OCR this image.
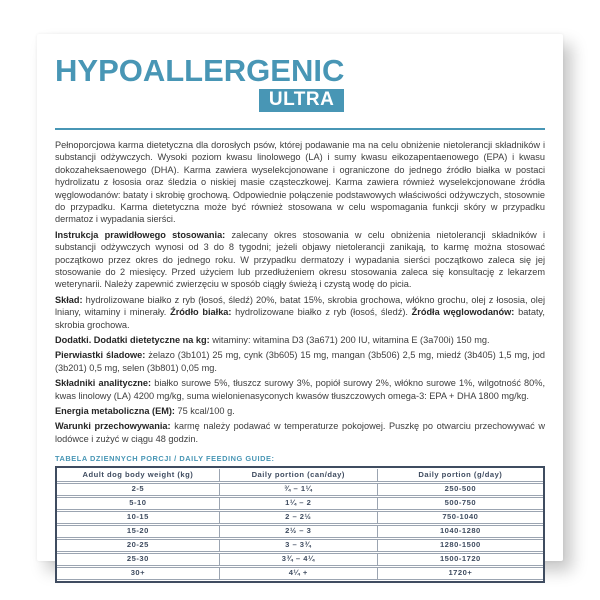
HYPOALLERGENIC
ULTRA

Pełnoporcjowa karma dietetyczna dla dorosłych psów, której podawanie ma na celu obniżenie nietolerancji składników i substancji odżywczych. Wysoki poziom kwasu linolowego (LA) i sumy kwasu eikozapentaenowego (EPA) i kwasu dokozaheksaenowego (DHA). Karma zawiera wyselekcjonowane i ograniczone do jednego źródło białka w postaci hydrolizatu z łososia oraz śledzia o niskiej masie cząsteczkowej. Karma zawiera również wyselekcjonowane źródła węglowodanów: bataty i skrobię grochową. Odpowiednie połączenie podstawowych właściwości odżywczych, stosownie do przypadku. Karma dietetyczna może być również stosowana w celu wspomagania funkcji skóry w przypadku dermatoz i wypadania sierści.

Instrukcja prawidłowego stosowania: zalecany okres stosowania w celu obniżenia nietolerancji składników i substancji odżywczych wynosi od 3 do 8 tygodni; jeżeli objawy nietolerancji zanikają, to karmę można stosować początkowo przez okres do jednego roku. W przypadku dermatozy i wypadania sierści początkowo zaleca się jej stosowanie do 2 miesięcy. Przed użyciem lub przedłużeniem okresu stosowania zaleca się konsultację z lekarzem weterynarii. Należy zapewnić zwierzęciu w sposób ciągły świeżą i czystą wodę do picia.

Skład: hydrolizowane białko z ryb (łosoś, śledź) 20%, batat 15%, skrobia grochowa, włókno grochu, olej z łososia, olej lniany, witaminy i minerały. Źródło białka: hydrolizowane białko z ryb (łosoś, śledź). Źródła węglowodanów: bataty, skrobia grochowa.

Dodatki. Dodatki dietetyczne na kg: witaminy: witamina D3 (3a671) 200 IU, witamina E (3a700i) 150 mg.

Pierwiastki śladowe: żelazo (3b101) 25 mg, cynk (3b605) 15 mg, mangan (3b506) 2,5 mg, miedź (3b405) 1,5 mg, jod (3b201) 0,5 mg, selen (3b801) 0,05 mg.

Składniki analityczne: białko surowe 5%, tłuszcz surowy 3%, popiół surowy 2%, włókno surowe 1%, wilgotność 80%, kwas linolowy (LA) 4200 mg/kg, suma wielonienasyconych kwasów tłuszczowych omega-3: EPA + DHA 1800 mg/kg.

Energia metaboliczna (EM): 75 kcal/100 g.

Warunki przechowywania: karmę należy podawać w temperaturze pokojowej. Puszkę po otwarciu przechowywać w lodówce i zużyć w ciągu 48 godzin.

TABELA DZIENNYCH PORCJI / DAILY FEEDING GUIDE:
Adult dog body weight (kg)	Daily portion (can/day)	Daily portion (g/day)
2-5	¾ – 1¼	250-500
5-10	1¼ – 2	500-750
10-15	2 – 2½	750-1040
15-20	2½ – 3	1040-1280
20-25	3 – 3¾	1280-1500
25-30	3¾ – 4¼	1500-1720
30+	4¼ +	1720+
